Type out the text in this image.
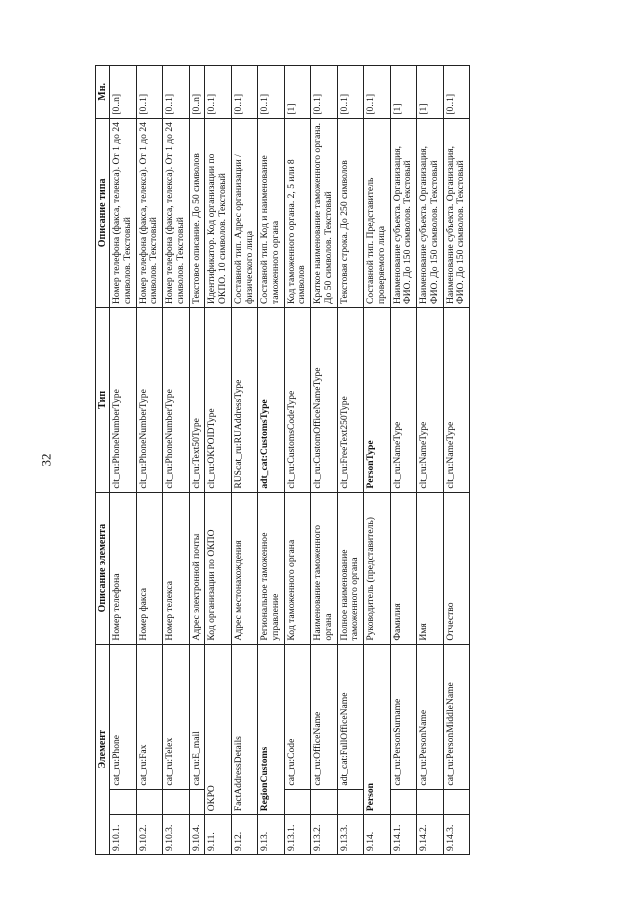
32
Элемент			Описание элемента	Тип	Описание типа	Мн.
9.10.1.		cat_ru:Phone	Номер телефона	clt_ru:PhoneNumberType	Номер телефона (факса, телекса). От 1 до 24 символов. Текстовый	[0..n]
9.10.2.		cat_ru:Fax	Номер факса	clt_ru:PhoneNumberType	Номер телефона (факса, телекса). От 1 до 24 символов. Текстовый	[0..1]
9.10.3.		cat_ru:Telex	Номер телекса	clt_ru:PhoneNumberType	Номер телефона (факса, телекса). От 1 до 24 символов. Текстовый	[0..1]
9.10.4.		cat_ru:E_mail	Адрес электронной почты	clt_ru:Text50Type	Текстовое описание. До 50 символов	[0..n]
9.11.	OKPO		Код организации по ОКПО	clt_ru:OKPOIDType	Идентификатор. Код организации по ОКПО. 10 символов. Текстовый	[0..1]
9.12.	FactAddressDetails		Адрес местонахождения	RUScat_ru:RUAddressType	Составной тип. Адрес организации / физического лица	[0..1]
9.13.	RegionCustoms		Региональное таможенное управление	adt_cat:CustomsType	Составной тип. Код и наименование таможенного органа	[0..1]
9.13.1.		cat_ru:Code	Код таможенного органа	clt_ru:CustomsCodeType	Код таможенного органа. 2, 5 или 8 символов	[1]
9.13.2.		cat_ru:OfficeName	Наименование таможенного органа	clt_ru:CustomOfficeNameType	Краткое наименование таможенного органа. До 50 символов. Текстовый	[0..1]
9.13.3.		adt_cat:FullOfficeName	Полное наименование таможенного органа	clt_ru:FreeText250Type	Текстовая строка. До 250 символов	[0..1]
9.14.	Person		Руководитель (представитель)	PersonType	Составной тип. Представитель проверяемого лица	[0..1]
9.14.1.		cat_ru:PersonSurname	Фамилия	clt_ru:NameType	Наименование субъекта. Организация, ФИО. До 150 символов. Текстовый	[1]
9.14.2.		cat_ru:PersonName	Имя	clt_ru:NameType	Наименование субъекта. Организация, ФИО. До 150 символов. Текстовый	[1]
9.14.3.		cat_ru:PersonMiddleName	Отчество	clt_ru:NameType	Наименование субъекта. Организация, ФИО. До 150 символов. Текстовый	[0..1]
